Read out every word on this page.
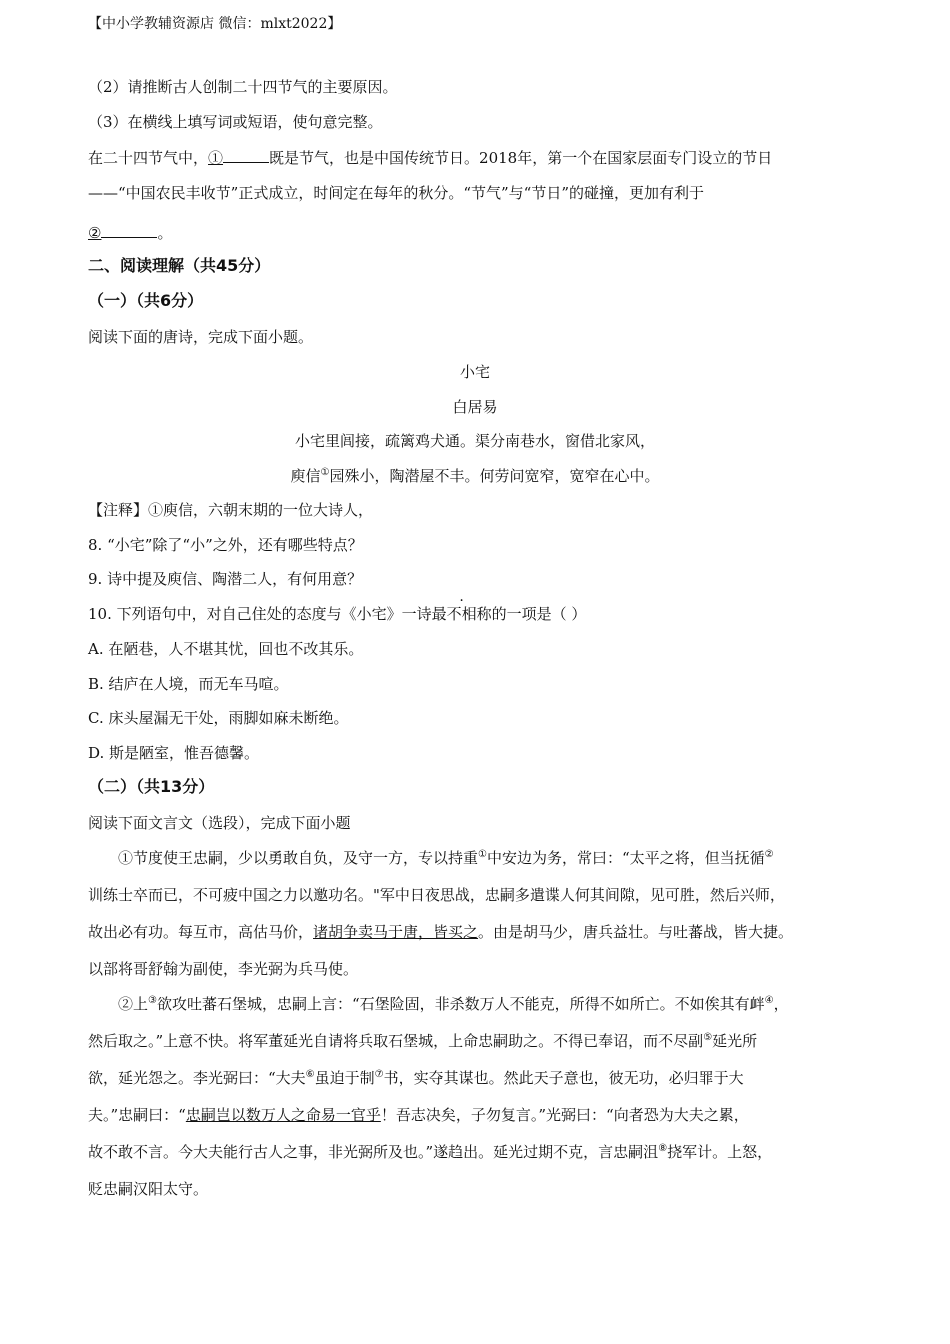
【中小学教辅资源店 微信：mlxt2022】
（2）请推断古人创制二十四节气的主要原因。
（3）在横线上填写词或短语，使句意完整。
在二十四节气中，①	既是节气，也是中国传统节日。2018年，第一个在国家层面专门设立的节日
——“中国农民丰收节”正式成立，时间定在每年的秋分。“节气”与“节日”的碰撞，更加有利于
②	。
二、阅读理解（共45分）
（一）（共6分）
阅读下面的唐诗，完成下面小题。
小宅
白居易
小宅里闾接，疏篱鸡犬通。渠分南巷水，窗借北家风，
庾信①园殊小，陶潜屋不丰。何劳问宽窄，宽窄在心中。
【注释】①庾信，六朝末期的一位大诗人，
8. “小宅”除了“小”之外，还有哪些特点？
9. 诗中提及庾信、陶潜二人，有何用意？
10. 下列语句中，对自己住处的态度与《小宅》一诗最不相称的一项是（ ）
A. 在陋巷，人不堪其忧，回也不改其乐。
B. 结庐在人境，而无车马喧。
C. 床头屋漏无干处，雨脚如麻未断绝。
D. 斯是陋室，惟吾德馨。
（二）（共13分）
阅读下面文言文（选段），完成下面小题
①节度使王忠嗣，少以勇敢自负，及守一方，专以持重①中安边为务，常曰：“太平之将，但当抚循②
训练士卒而已，不可疲中国之力以邀功名。"军中日夜思战，忠嗣多遣谍人何其间隙，见可胜，然后兴师，
故出必有功。每互市，高估马价，诸胡争卖马于唐，皆买之。由是胡马少，唐兵益壮。与吐蕃战，皆大捷。
以部将哥舒翰为副使，李光弼为兵马使。
②上③欲攻吐蕃石堡城，忠嗣上言：“石堡险固，非杀数万人不能克，所得不如所亡。不如俟其有衅④，
然后取之。”上意不快。将军董延光自请将兵取石堡城，上命忠嗣助之。不得已奉诏，而不尽副⑤延光所
欲，延光怨之。李光弼曰：“大夫⑥虽迫于制⑦书，实夺其谋也。然此天子意也，彼无功，必归罪于大
夫。”忠嗣曰：“忠嗣岂以数万人之命易一官乎！吾志决矣，子勿复言。”光弼曰：“向者恐为大夫之累，
故不敢不言。今大夫能行古人之事，非光弼所及也。”遂趋出。延光过期不克，言忠嗣沮⑧挠军计。上怒，
贬忠嗣汉阳太守。
